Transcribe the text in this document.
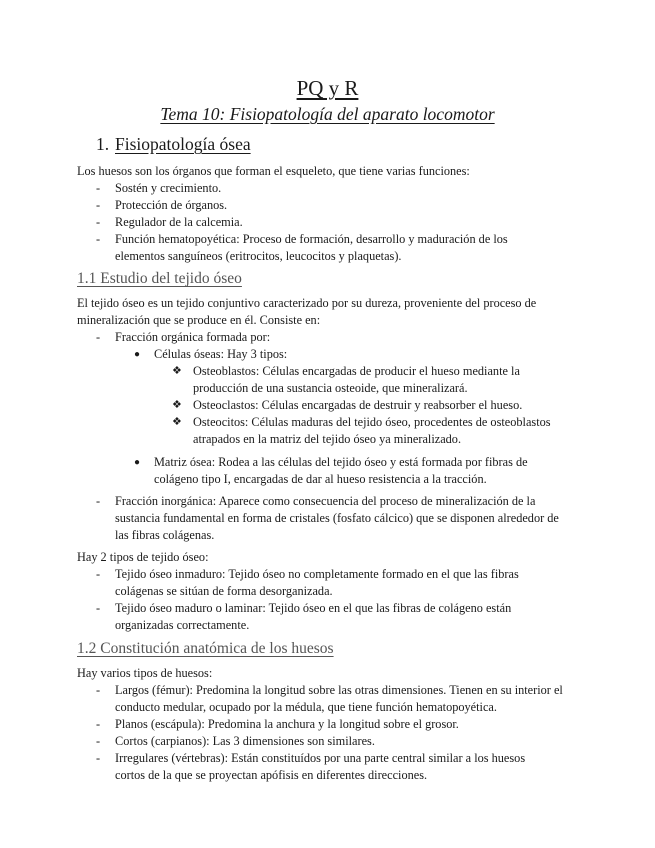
PQ y R
Tema 10: Fisiopatología del aparato locomotor
1. Fisiopatología ósea
Los huesos son los órganos que forman el esqueleto, que tiene varias funciones:
- Sostén y crecimiento.
- Protección de órganos.
- Regulador de la calcemia.
- Función hematopoyética: Proceso de formación, desarrollo y maduración de los elementos sanguíneos (eritrocitos, leucocitos y plaquetas).
1.1 Estudio del tejido óseo
El tejido óseo es un tejido conjuntivo caracterizado por su dureza, proveniente del proceso de mineralización que se produce en él. Consiste en:
- Fracción orgánica formada por:
● Células óseas: Hay 3 tipos:
❖ Osteoblastos: Células encargadas de producir el hueso mediante la producción de una sustancia osteoide, que mineralizará.
❖ Osteoclastos: Células encargadas de destruir y reabsorber el hueso.
❖ Osteocitos: Células maduras del tejido óseo, procedentes de osteoblastos atrapados en la matriz del tejido óseo ya mineralizado.
● Matriz ósea: Rodea a las células del tejido óseo y está formada por fibras de colágeno tipo I, encargadas de dar al hueso resistencia a la tracción.
- Fracción inorgánica: Aparece como consecuencia del proceso de mineralización de la sustancia fundamental en forma de cristales (fosfato cálcico) que se disponen alrededor de las fibras colágenas.
Hay 2 tipos de tejido óseo:
- Tejido óseo inmaduro: Tejido óseo no completamente formado en el que las fibras colágenas se sitúan de forma desorganizada.
- Tejido óseo maduro o laminar: Tejido óseo en el que las fibras de colágeno están organizadas correctamente.
1.2 Constitución anatómica de los huesos
Hay varios tipos de huesos:
- Largos (fémur): Predomina la longitud sobre las otras dimensiones. Tienen en su interior el conducto medular, ocupado por la médula, que tiene función hematopoyética.
- Planos (escápula): Predomina la anchura y la longitud sobre el grosor.
- Cortos (carpianos): Las 3 dimensiones son similares.
- Irregulares (vértebras): Están constituídos por una parte central similar a los huesos cortos de la que se proyectan apófisis en diferentes direcciones.
